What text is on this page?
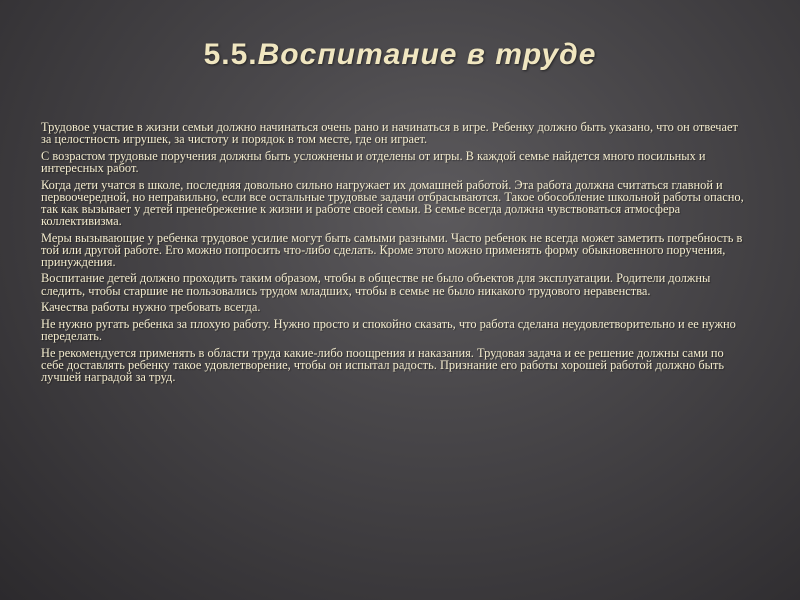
5.5.Воспитание в труде

Трудовое участие в жизни семьи должно начинаться очень рано и начинаться в игре. Ребенку должно быть указано, что он отвечает за целостность игрушек, за чистоту и порядок в том месте, где он играет.

С возрастом трудовые поручения должны быть усложнены и отделены от игры. В каждой семье найдется много посильных и интересных работ.

Когда дети учатся в школе, последняя довольно сильно нагружает их домашней работой. Эта работа должна считаться главной и первоочередной, но неправильно, если все остальные трудовые задачи отбрасываются. Такое обособление школьной работы опасно, так как вызывает у детей пренебрежение к жизни и работе своей семьи. В семье всегда должна чувствоваться атмосфера коллективизма.

Меры вызывающие у ребенка трудовое усилие могут быть самыми разными. Часто ребенок не всегда может заметить потребность в той или другой работе. Его можно попросить что-либо сделать. Кроме этого можно применять форму обыкновенного поручения, принуждения.

Воспитание детей должно проходить таким образом, чтобы в обществе не было объектов для эксплуатации. Родители должны следить, чтобы старшие не пользовались трудом младших, чтобы в семье не было никакого трудового неравенства.

Качества работы нужно требовать всегда.

Не нужно ругать ребенка за плохую работу. Нужно просто и спокойно сказать, что работа сделана неудовлетворительно и ее нужно переделать.

Не рекомендуется применять в области труда какие-либо поощрения и наказания. Трудовая задача и ее решение должны сами по себе доставлять ребенку такое удовлетворение, чтобы он испытал радость. Признание его работы хорошей работой должно быть лучшей наградой за труд.
